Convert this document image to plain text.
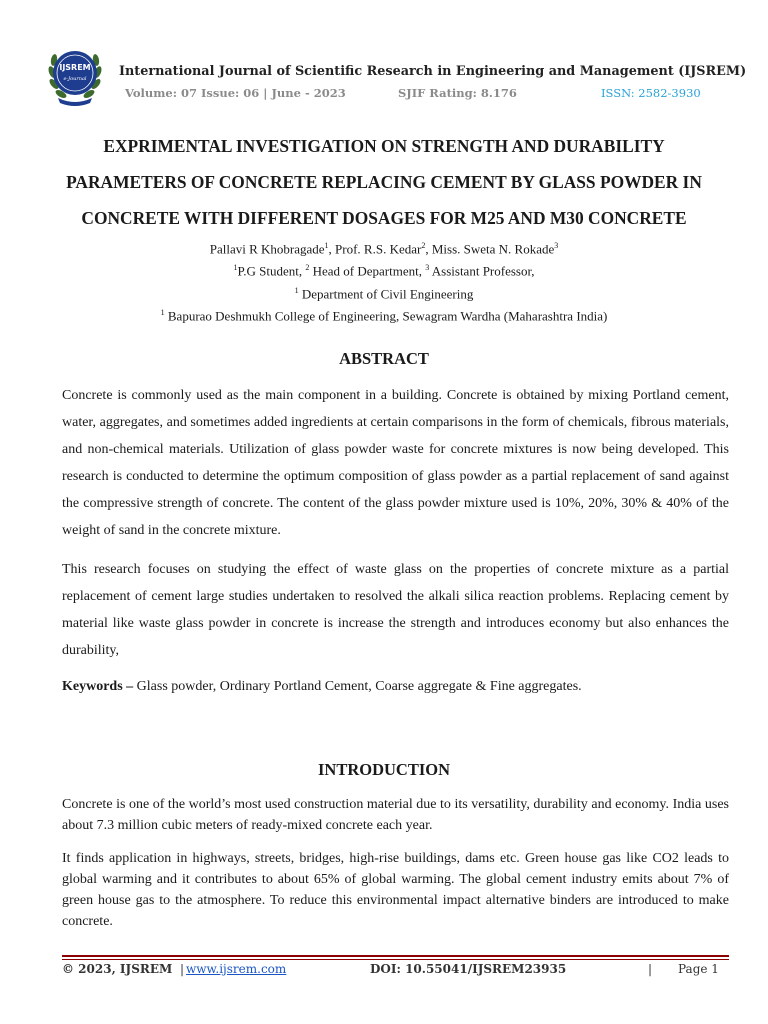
IJSREM
e-Journal	International Journal of Scientific Research in Engineering and Management (IJSREM)
Volume: 07 Issue: 06 | June - 2023	SJIF Rating: 8.176	ISSN: 2582-3930
EXPRIMENTAL INVESTIGATION ON STRENGTH AND DURABILITY
PARAMETERS OF CONCRETE REPLACING CEMENT BY GLASS POWDER IN
CONCRETE WITH DIFFERENT DOSAGES FOR M25 AND M30 CONCRETE
Pallavi R Khobragade$^1$, Prof. R.S. Kedar$^2$, Miss. Sweta N. Rokade$^3$
$^1$P.G Student, $^2$ Head of Department, $^3$ Assistant Professor,
$^1$ Department of Civil Engineering
$^1$ Bapurao Deshmukh College of Engineering, Sewagram Wardha (Maharashtra India)
ABSTRACT

Concrete is commonly used as the main component in a building. Concrete is obtained by mixing Portland cement, water, aggregates, and sometimes added ingredients at certain comparisons in the form of chemicals, fibrous materials, and non-chemical materials. Utilization of glass powder waste for concrete mixtures is now being developed. This research is conducted to determine the optimum composition of glass powder as a partial replacement of sand against the compressive strength of concrete. The content of the glass powder mixture used is 10%, 20%, 30% & 40% of the weight of sand in the concrete mixture.

This research focuses on studying the effect of waste glass on the properties of concrete mixture as a partial replacement of cement large studies undertaken to resolved the alkali silica reaction problems. Replacing cement by material like waste glass powder in concrete is increase the strength and introduces economy but also enhances the durability,

Keywords – Glass powder, Ordinary Portland Cement, Coarse aggregate & Fine aggregates.

INTRODUCTION

Concrete is one of the world’s most used construction material due to its versatility, durability and economy. India uses about 7.3 million cubic meters of ready-mixed concrete each year.

It finds application in highways, streets, bridges, high-rise buildings, dams etc. Green house gas like CO2 leads to global warming and it contributes to about 65% of global warming. The global cement industry emits about 7% of green house gas to the atmosphere. To reduce this environmental impact alternative binders are introduced to make concrete.

© 2023, IJSREM | www.ijsrem.com	DOI: 10.55041/IJSREM23935	| Page 1
